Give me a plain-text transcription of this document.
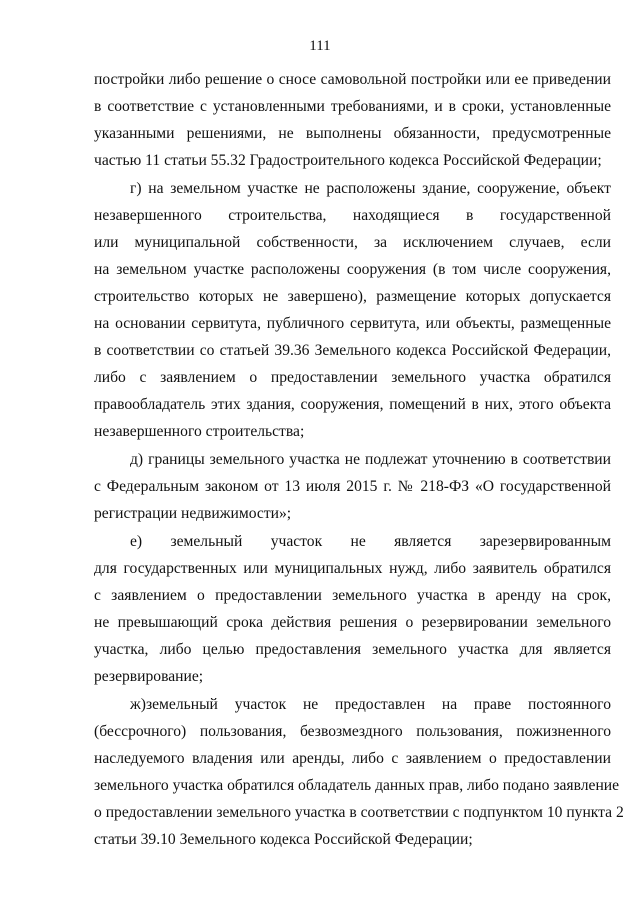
111
постройки либо решение о сносе самовольной постройки или ее приведении
в соответствие с установленными требованиями, и в сроки, установленные
указанными решениями, не выполнены обязанности, предусмотренные
частью 11 статьи 55.32 Градостроительного кодекса Российской Федерации;
г) на земельном участке не расположены здание, сооружение, объект
незавершенного строительства, находящиеся в государственной
или муниципальной собственности, за исключением случаев, если
на земельном участке расположены сооружения (в том числе сооружения,
строительство которых не завершено), размещение которых допускается
на основании сервитута, публичного сервитута, или объекты, размещенные
в соответствии со статьей 39.36 Земельного кодекса Российской Федерации,
либо с заявлением о предоставлении земельного участка обратился
правообладатель этих здания, сооружения, помещений в них, этого объекта
незавершенного строительства;
д) границы земельного участка не подлежат уточнению в соответствии
с Федеральным законом от 13 июля 2015 г. № 218-ФЗ «О государственной
регистрации недвижимости»;
е) земельный участок не является зарезервированным
для государственных или муниципальных нужд, либо заявитель обратился
с заявлением о предоставлении земельного участка в аренду на срок,
не превышающий срока действия решения о резервировании земельного
участка, либо целью предоставления земельного участка для является
резервирование;
ж)земельный участок не предоставлен на праве постоянного
(бессрочного) пользования, безвозмездного пользования, пожизненного
наследуемого владения или аренды, либо с заявлением о предоставлении
земельного участка обратился обладатель данных прав, либо подано заявление
о предоставлении земельного участка в соответствии с подпунктом 10 пункта 2
статьи 39.10 Земельного кодекса Российской Федерации;
